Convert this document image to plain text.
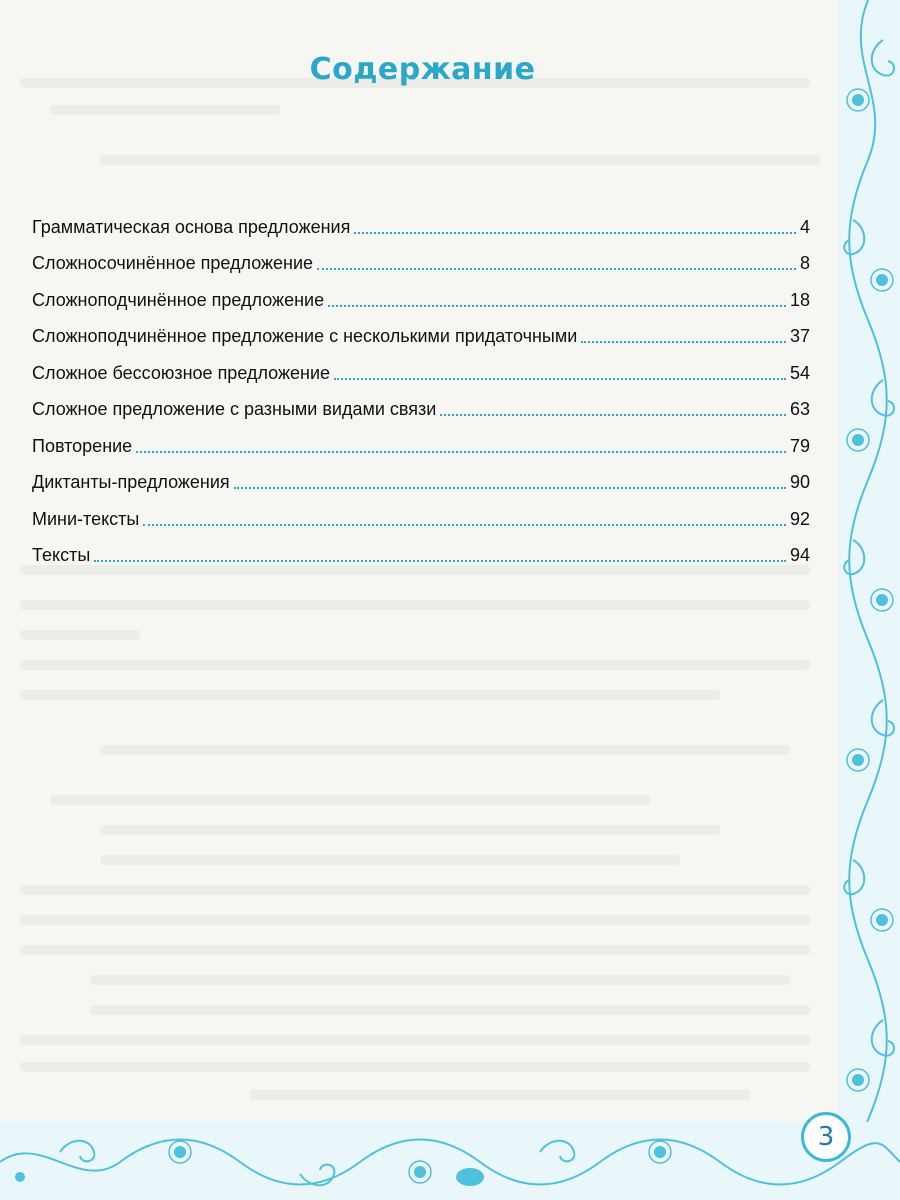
Содержание
Грамматическая основа предложения	4
Сложносочинённое предложение	8
Сложноподчинённое предложение	18
Сложноподчинённое предложение с несколькими придаточными	37
Сложное бессоюзное предложение	54
Сложное предложение с разными видами связи	63
Повторение	79
Диктанты-предложения	90
Мини-тексты	92
Тексты	94
3
